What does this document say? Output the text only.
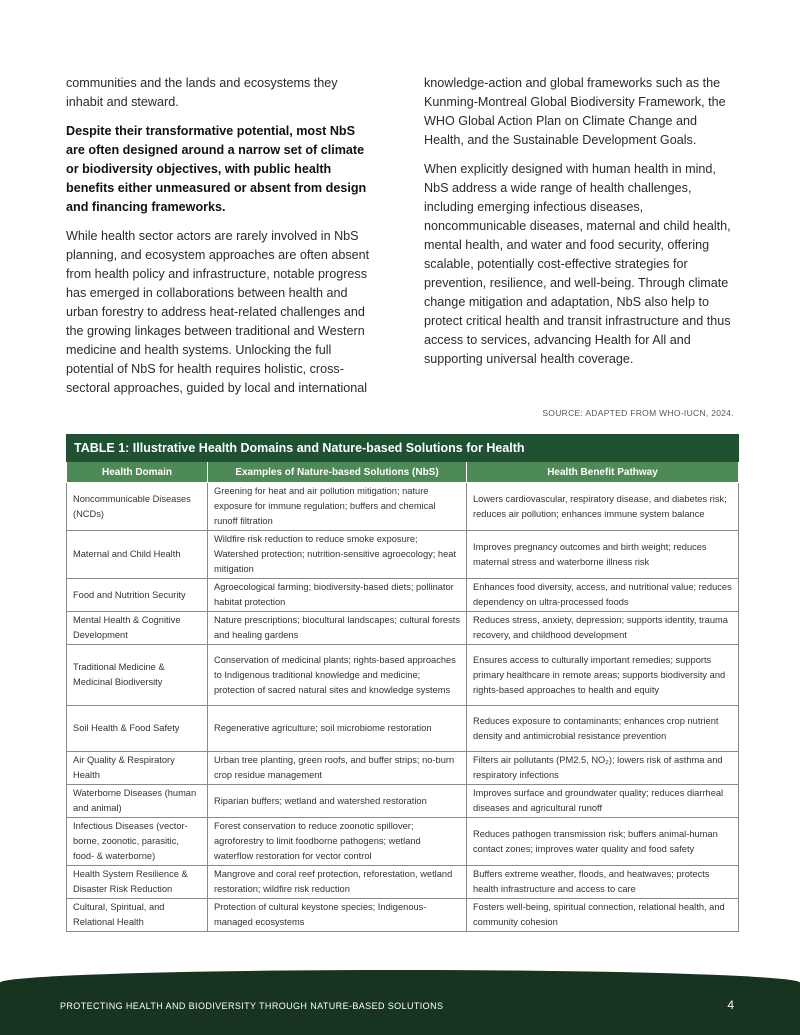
communities and the lands and ecosystems they inhabit and steward.

Despite their transformative potential, most NbS are often designed around a narrow set of climate or biodiversity objectives, with public health benefits either unmeasured or absent from design and financing frameworks.

While health sector actors are rarely involved in NbS planning, and ecosystem approaches are often absent from health policy and infrastructure, notable progress has emerged in collaborations between health and urban forestry to address heat-related challenges and the growing linkages between traditional and Western medicine and health systems. Unlocking the full potential of NbS for health requires holistic, cross-sectoral approaches, guided by local and international

knowledge-action and global frameworks such as the Kunming-Montreal Global Biodiversity Framework, the WHO Global Action Plan on Climate Change and Health, and the Sustainable Development Goals.

When explicitly designed with human health in mind, NbS address a wide range of health challenges, including emerging infectious diseases, noncommunicable diseases, maternal and child health, mental health, and water and food security, offering scalable, potentially cost-effective strategies for prevention, resilience, and well-being. Through climate change mitigation and adaptation, NbS also help to protect critical health and transit infrastructure and thus access to services, advancing Health for All and supporting universal health coverage.

SOURCE: ADAPTED FROM WHO-IUCN, 2024.
TABLE 1: Illustrative Health Domains and Nature-based Solutions for Health		
Health Domain	Examples of Nature-based Solutions (NbS)	Health Benefit Pathway
Noncommunicable Diseases (NCDs)	Greening for heat and air pollution mitigation; nature exposure for immune regulation; buffers and chemical runoff filtration	Lowers cardiovascular, respiratory disease, and diabetes risk; reduces air pollution; enhances immune system balance
Maternal and Child Health	Wildfire risk reduction to reduce smoke exposure; Watershed protection; nutrition-sensitive agroecology; heat mitigation	Improves pregnancy outcomes and birth weight; reduces maternal stress and waterborne illness risk
Food and Nutrition Security	Agroecological farming; biodiversity-based diets; pollinator habitat protection	Enhances food diversity, access, and nutritional value; reduces dependency on ultra-processed foods
Mental Health & Cognitive Development	Nature prescriptions; biocultural landscapes; cultural forests and healing gardens	Reduces stress, anxiety, depression; supports identity, trauma recovery, and childhood development
Traditional Medicine & Medicinal Biodiversity	Conservation of medicinal plants; rights-based approaches to Indigenous traditional knowledge and medicine; protection of sacred natural sites and knowledge systems	Ensures access to culturally important remedies; supports primary healthcare in remote areas; supports biodiversity and rights-based approaches to health and equity
Soil Health & Food Safety	Regenerative agriculture; soil microbiome restoration	Reduces exposure to contaminants; enhances crop nutrient density and antimicrobial resistance prevention
Air Quality & Respiratory Health	Urban tree planting, green roofs, and buffer strips; no-burn crop residue management	Filters air pollutants (PM2.5, NO₂); lowers risk of asthma and respiratory infections
Waterborne Diseases (human and animal)	Riparian buffers; wetland and watershed restoration	Improves surface and groundwater quality; reduces diarrheal diseases and agricultural runoff
Infectious Diseases (vector-borne, zoonotic, parasitic, food- & waterborne)	Forest conservation to reduce zoonotic spillover; agroforestry to limit foodborne pathogens; wetland waterflow restoration for vector control	Reduces pathogen transmission risk; buffers animal-human contact zones; improves water quality and food safety
Health System Resilience & Disaster Risk Reduction	Mangrove and coral reef protection, reforestation, wetland restoration; wildfire risk reduction	Buffers extreme weather, floods, and heatwaves; protects health infrastructure and access to care
Cultural, Spiritual, and Relational Health	Protection of cultural keystone species; Indigenous-managed ecosystems	Fosters well-being, spiritual connection, relational health, and community cohesion
PROTECTING HEALTH AND BIODIVERSITY THROUGH NATURE-BASED SOLUTIONS	4
